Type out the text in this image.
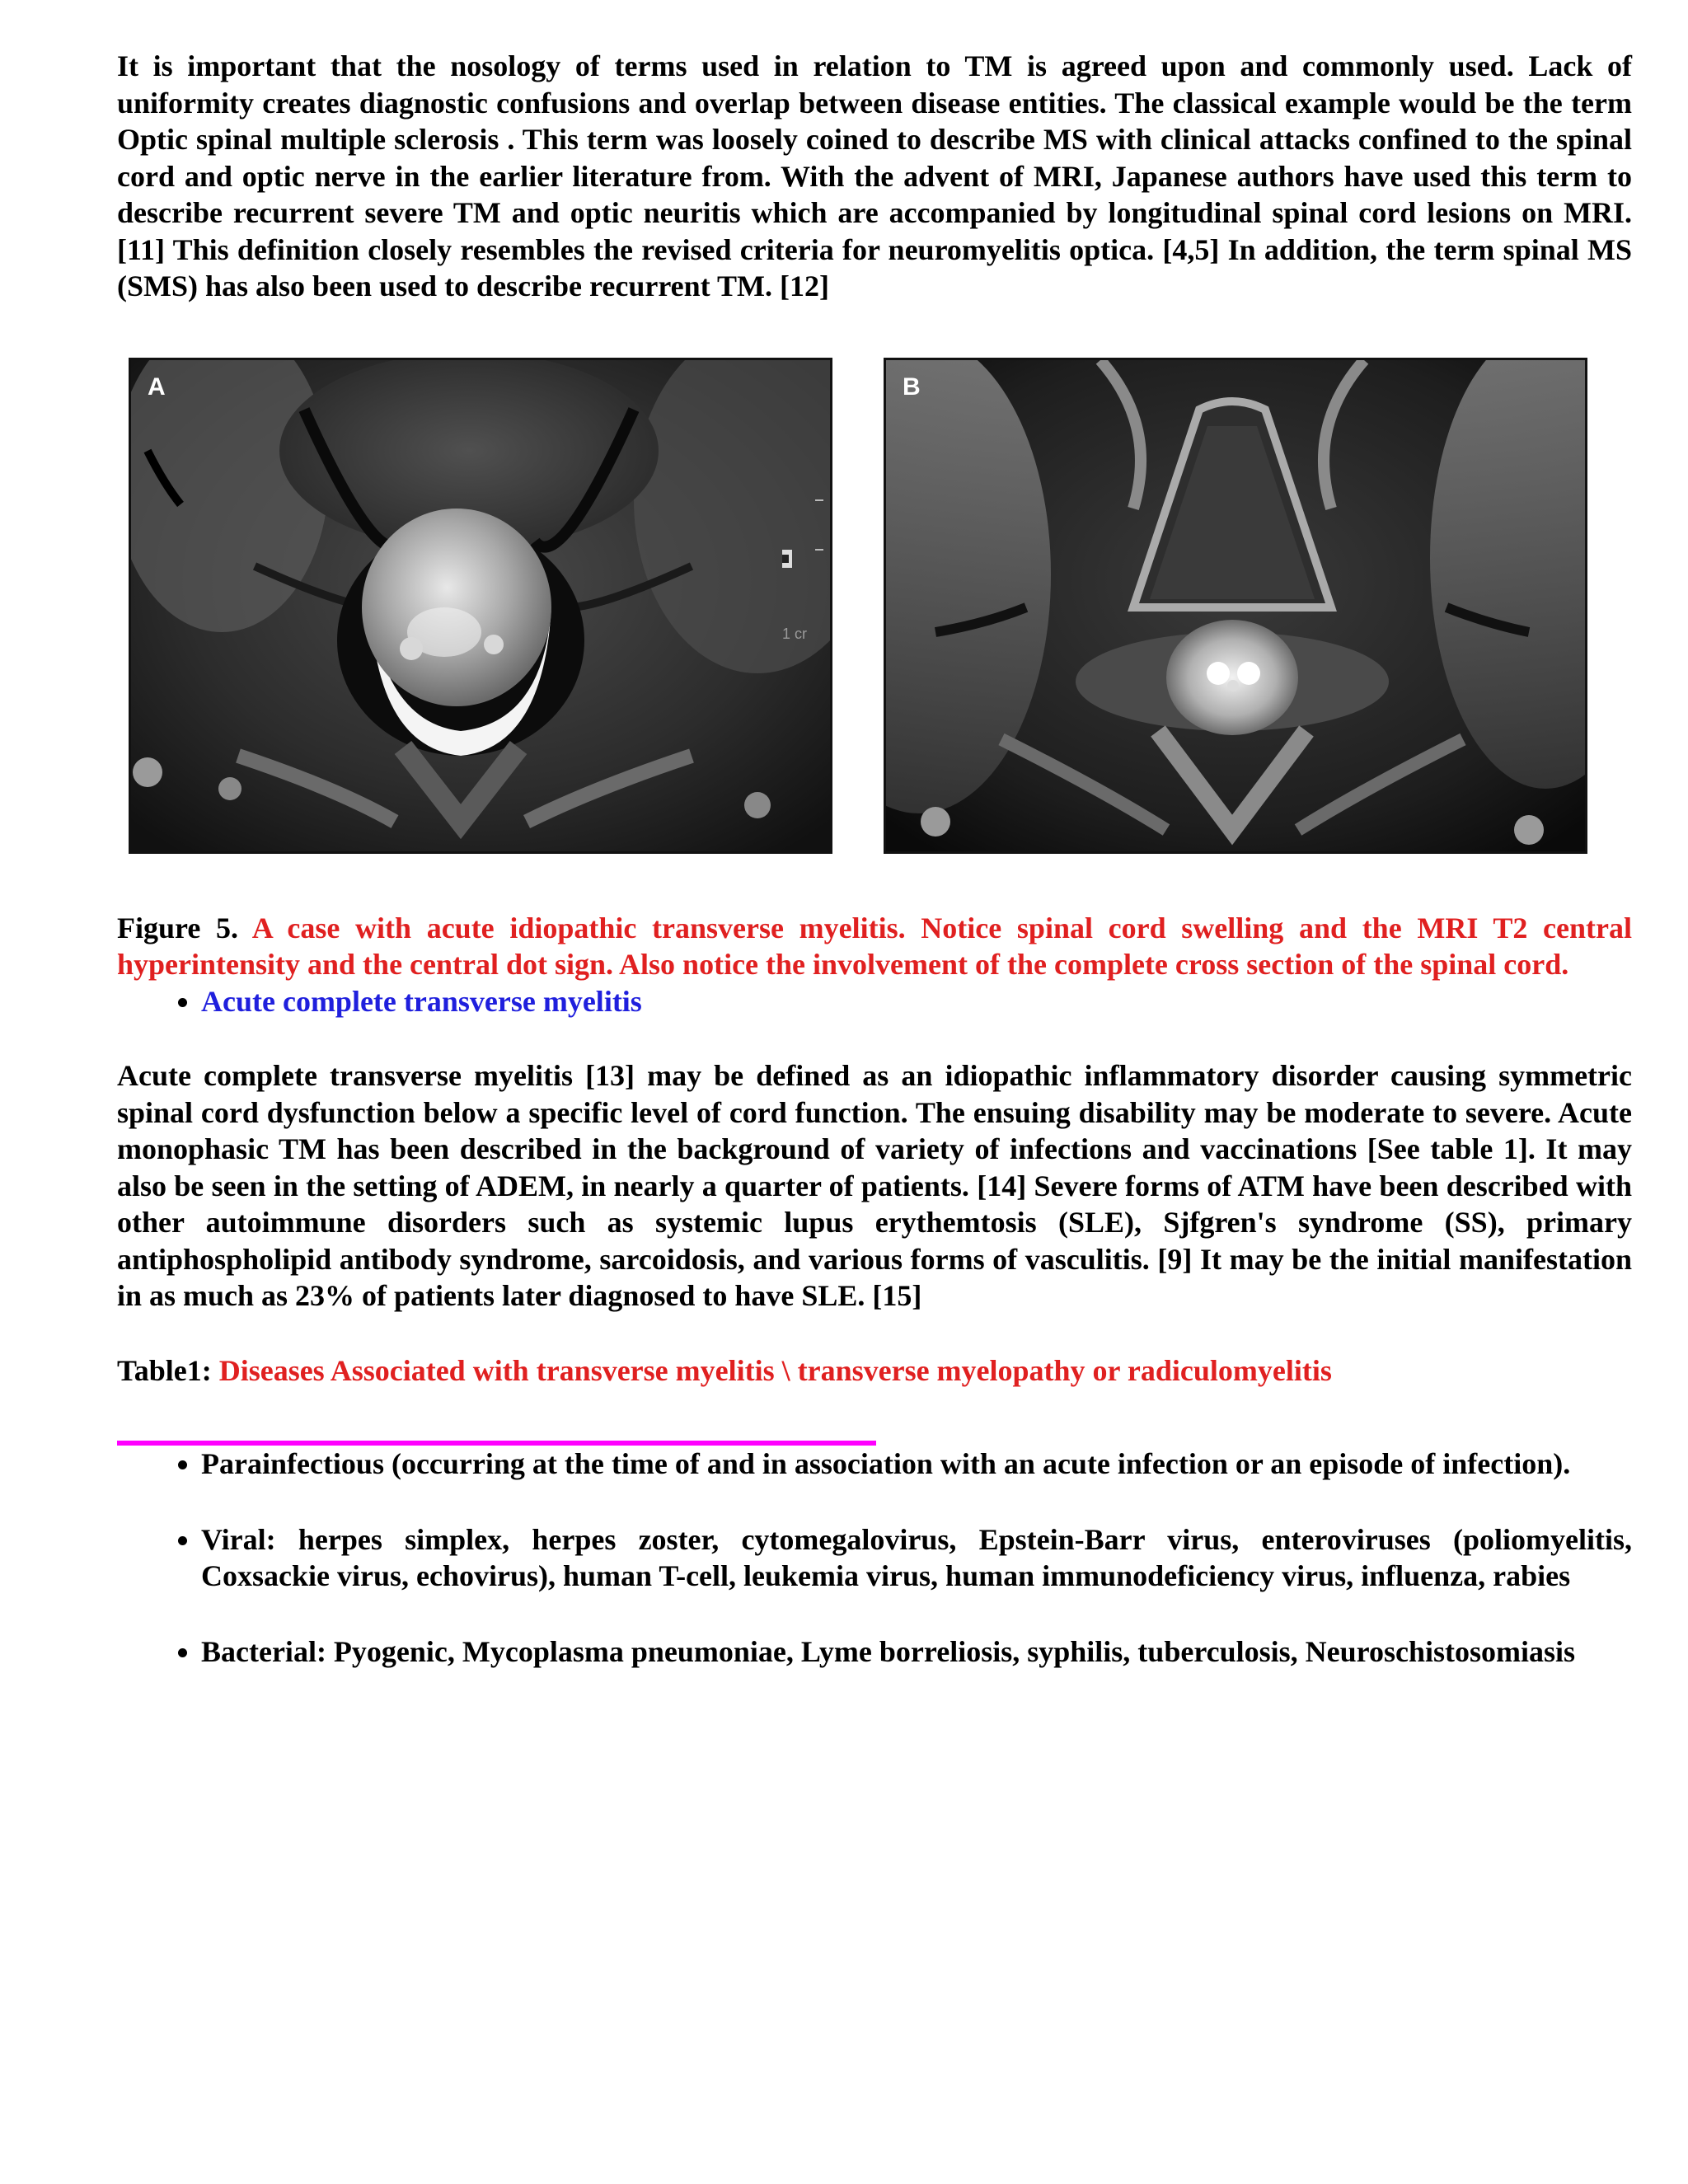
It is important that the nosology of terms used in relation to TM is agreed upon and commonly used. Lack of uniformity creates diagnostic confusions and overlap between disease entities. The classical example would be the term Optic spinal multiple sclerosis . This term was loosely coined to describe MS with clinical attacks confined to the spinal cord and optic nerve in the earlier literature from. With the advent of MRI, Japanese authors have used this term to describe recurrent severe TM and optic neuritis which are accompanied by longitudinal spinal cord lesions on MRI. [11] This definition closely resembles the revised criteria for neuromyelitis optica. [4,5] In addition, the term spinal MS (SMS) has also been used to describe recurrent TM. [12]

A
1 cr
B

Figure 5. A case with acute idiopathic transverse myelitis. Notice spinal cord swelling and the MRI T2 central hyperintensity and the central dot sign. Also notice the involvement of the complete cross section of the spinal cord.

• Acute complete transverse myelitis

Acute complete transverse myelitis [13] may be defined as an idiopathic inflammatory disorder causing symmetric spinal cord dysfunction below a specific level of cord function. The ensuing disability may be moderate to severe. Acute monophasic TM has been described in the background of variety of infections and vaccinations [See table 1]. It may also be seen in the setting of ADEM, in nearly a quarter of patients. [14] Severe forms of ATM have been described with other autoimmune disorders such as systemic lupus erythemtosis (SLE), Sjfgren's syndrome (SS), primary antiphospholipid antibody syndrome, sarcoidosis, and various forms of vasculitis. [9] It may be the initial manifestation in as much as 23% of patients later diagnosed to have SLE. [15]

Table1: Diseases Associated with transverse myelitis \ transverse myelopathy or radiculomyelitis

• Parainfectious (occurring at the time of and in association with an acute infection or an episode of infection).
• Viral: herpes simplex, herpes zoster, cytomegalovirus, Epstein-Barr virus, enteroviruses (poliomyelitis, Coxsackie virus, echovirus), human T-cell, leukemia virus, human immunodeficiency virus, influenza, rabies
• Bacterial: Pyogenic, Mycoplasma pneumoniae, Lyme borreliosis, syphilis, tuberculosis, Neuroschistosomiasis
